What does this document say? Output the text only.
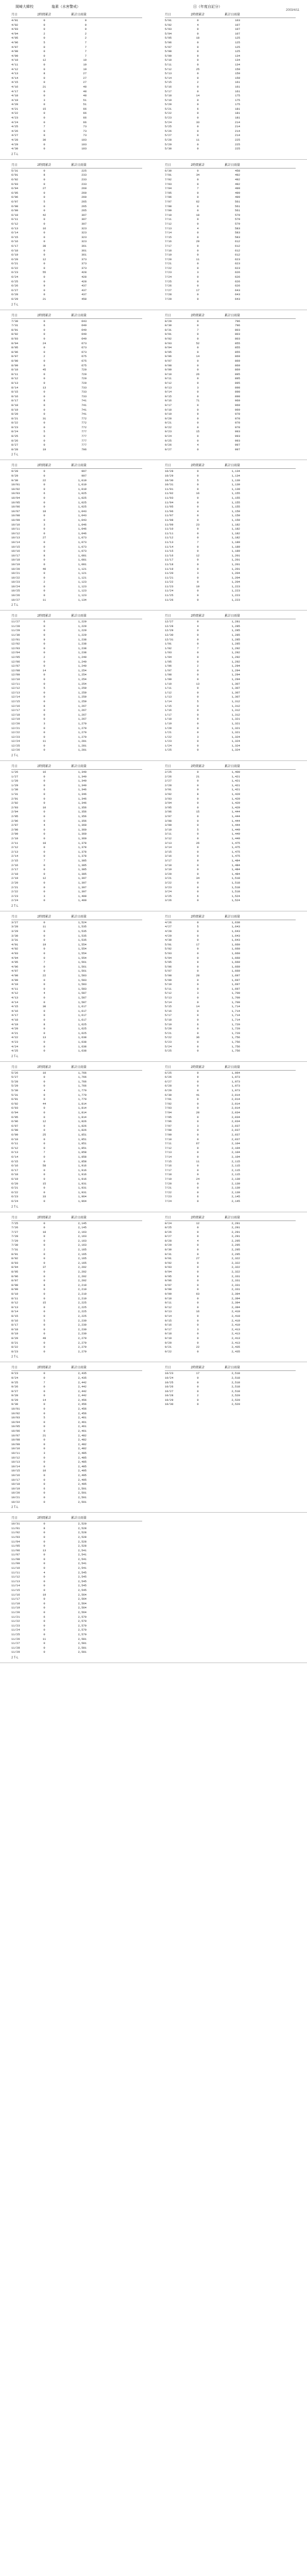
岡崎大韓校	塩素（水害警戒）	日（年度自記分）
2003/4/11
月日	2時間累計	累計日雨量
4/01	0	0
4/02	0	0
4/03	0	0
4/04	2	2
4/05	0	2
4/06	5	7
4/07	0	7
4/08	0	7
4/09	0	7
4/10	12	19
4/11	0	19
4/12	0	19
4/13	8	27
4/14	0	27
4/15	0	27
4/16	21	48
4/17	0	48
4/18	0	48
4/19	3	51
4/20	0	51
4/21	15	66
4/22	0	66
4/23	0	66
4/24	0	66
4/25	7	73
4/26	0	73
4/27	0	73
4/28	30	103
4/29	0	103
4/30	0	103
月日	2時間累計	累計日雨量
5/01	0	103
5/02	4	107
5/03	0	107
5/04	0	107
5/05	18	125
5/06	0	125
5/07	0	125
5/08	0	125
5/09	9	134
5/10	0	134
5/11	0	134
5/12	25	159
5/13	0	159
5/14	0	159
5/15	2	161
5/16	0	161
5/17	0	161
5/18	14	175
5/19	0	175
5/20	0	175
5/21	6	181
5/22	0	181
5/23	0	181
5/24	33	214
5/25	0	214
5/26	0	214
5/27	0	214
5/28	11	225
5/29	0	225
5/30	0	225
2 T-L
月日	2時間累計	累計日雨量
5/31	0	225
6/01	8	233
6/02	0	233
6/03	0	233
6/04	27	260
6/05	0	260
6/06	0	260
6/07	5	265
6/08	0	265
6/09	0	265
6/10	42	307
6/11	0	307
6/12	0	307
6/13	16	323
6/14	0	323
6/15	0	323
6/16	0	323
6/17	38	361
6/18	0	361
6/19	0	361
6/20	12	373
6/21	0	373
6/22	0	373
6/23	55	428
6/24	0	428
6/25	0	428
6/26	9	437
6/27	0	437
6/28	0	437
6/29	21	458
月日	2時間累計	累計日雨量
6/30	0	458
7/01	34	492
7/02	0	492
7/03	0	492
7/04	7	499
7/05	0	499
7/06	0	499
7/07	62	561
7/08	0	561
7/09	0	561
7/10	18	579
7/11	0	579
7/12	0	579
7/13	4	583
7/14	0	583
7/15	0	583
7/16	29	612
7/17	0	612
7/18	0	612
7/19	0	612
7/20	11	623
7/21	0	623
7/22	0	623
7/23	3	626
7/24	0	626
7/25	0	626
7/26	0	626
7/27	17	643
7/28	0	643
7/29	0	643
2 T-L
月日	2時間累計	累計日雨量
7/30	0	643
7/31	6	649
8/01	0	649
8/02	0	649
8/03	0	649
8/04	24	673
8/05	0	673
8/06	0	673
8/07	2	675
8/08	0	675
8/09	0	675
8/10	45	720
8/11	0	720
8/12	0	720
8/13	0	720
8/14	13	733
8/15	0	733
8/16	0	733
8/17	8	741
8/18	0	741
8/19	0	741
8/20	0	741
8/21	31	772
8/22	0	772
8/23	0	772
8/24	5	777
8/25	0	777
8/26	0	777
8/27	0	777
8/28	19	796
月日	2時間累計	累計日雨量
8/29	0	796
8/30	0	796
8/31	7	803
9/01	0	803
9/02	0	803
9/03	52	855
9/04	0	855
9/05	0	855
9/06	14	869
9/07	0	869
9/08	0	869
9/09	0	869
9/10	26	895
9/11	0	895
9/12	0	895
9/13	3	898
9/14	0	898
9/15	0	898
9/16	71	969
9/17	0	969
9/18	0	969
9/19	9	978
9/20	0	978
9/21	0	978
9/22	0	978
9/23	15	993
9/24	0	993
9/25	0	993
9/26	4	997
9/27	0	997
2 T-L
月日	2時間累計	累計日雨量
9/28	0	997
9/29	0	997
9/30	22	1,019
10/01	0	1,019
10/02	0	1,019
10/03	6	1,025
10/04	0	1,025
10/05	0	1,025
10/06	0	1,025
10/07	18	1,043
10/08	0	1,043
10/09	0	1,043
10/10	3	1,046
10/11	0	1,046
10/12	0	1,046
10/13	27	1,073
10/14	0	1,073
10/15	0	1,073
10/16	0	1,073
10/17	8	1,081
10/18	0	1,081
10/19	0	1,081
10/20	40	1,121
10/21	0	1,121
10/22	0	1,121
10/23	2	1,123
10/24	0	1,123
10/25	0	1,123
10/26	0	1,123
10/27	11	1,134
月日	2時間累計	累計日雨量
10/28	0	1,134
10/29	0	1,134
10/30	5	1,139
10/31	0	1,139
11/01	0	1,139
11/02	16	1,155
11/03	0	1,155
11/04	0	1,155
11/05	0	1,155
11/06	4	1,159
11/07	0	1,159
11/08	0	1,159
11/09	23	1,182
11/10	0	1,182
11/11	0	1,182
11/12	0	1,182
11/13	7	1,189
11/14	0	1,189
11/15	0	1,189
11/16	12	1,201
11/17	0	1,201
11/18	0	1,201
11/19	0	1,201
11/20	3	1,204
11/21	0	1,204
11/22	0	1,204
11/23	19	1,223
11/24	0	1,223
11/25	0	1,223
11/26	0	1,223
2 T-L
月日	2時間累計	累計日雨量
11/27	6	1,229
11/28	0	1,229
11/29	0	1,229
11/30	0	1,229
12/01	9	1,238
12/02	0	1,238
12/03	0	1,238
12/04	0	1,238
12/05	2	1,240
12/06	0	1,240
12/07	0	1,240
12/08	14	1,254
12/09	0	1,254
12/10	0	1,254
12/11	0	1,254
12/12	5	1,259
12/13	0	1,259
12/14	0	1,259
12/15	0	1,259
12/16	8	1,267
12/17	0	1,267
12/18	0	1,267
12/19	0	1,267
12/20	3	1,270
12/21	0	1,270
12/22	0	1,270
12/23	0	1,270
12/24	11	1,281
12/25	0	1,281
12/26	0	1,281
月日	2時間累計	累計日雨量
12/27	0	1,281
12/28	4	1,285
12/29	0	1,285
12/30	0	1,285
12/31	0	1,285
1/01	0	1,285
1/02	7	1,292
1/03	0	1,292
1/04	0	1,292
1/05	0	1,292
1/06	2	1,294
1/07	0	1,294
1/08	0	1,294
1/09	0	1,294
1/10	13	1,307
1/11	0	1,307
1/12	0	1,307
1/13	0	1,307
1/14	5	1,312
1/15	0	1,312
1/16	0	1,312
1/17	0	1,312
1/18	9	1,321
1/19	0	1,321
1/20	0	1,321
1/21	0	1,321
1/22	3	1,324
1/23	0	1,324
1/24	0	1,324
1/25	0	1,324
2 T-L
月日	2時間累計	累計日雨量
1/26	16	1,340
1/27	0	1,340
1/28	0	1,340
1/29	0	1,340
1/30	6	1,346
1/31	0	1,346
2/01	0	1,346
2/02	0	1,346
2/03	10	1,356
2/04	0	1,356
2/05	0	1,356
2/06	0	1,356
2/07	4	1,360
2/08	0	1,360
2/09	0	1,360
2/10	0	1,360
2/11	18	1,378
2/12	0	1,378
2/13	0	1,378
2/14	0	1,378
2/15	7	1,385
2/16	0	1,385
2/17	0	1,385
2/18	0	1,385
2/19	12	1,397
2/20	0	1,397
2/21	0	1,397
2/22	0	1,397
2/23	3	1,400
2/24	0	1,400
月日	2時間累計	累計日雨量
2/25	0	1,400
2/26	21	1,421
2/27	0	1,421
2/28	0	1,421
3/01	0	1,421
3/02	8	1,429
3/03	0	1,429
3/04	0	1,429
3/05	0	1,429
3/06	15	1,444
3/07	0	1,444
3/08	0	1,444
3/09	0	1,444
3/10	5	1,449
3/11	0	1,449
3/12	0	1,449
3/13	26	1,475
3/14	0	1,475
3/15	0	1,475
3/16	0	1,475
3/17	9	1,484
3/18	0	1,484
3/19	0	1,484
3/20	0	1,484
3/21	34	1,518
3/22	0	1,518
3/23	0	1,518
3/24	0	1,518
3/25	6	1,524
3/26	0	1,524
2 T-L
月日	2時間累計	累計日雨量
3/27	0	1,524
3/28	11	1,535
3/29	0	1,535
3/30	0	1,535
3/31	0	1,535
4/01	19	1,554
4/02	0	1,554
4/03	0	1,554
4/04	0	1,554
4/05	7	1,561
4/06	0	1,561
4/07	0	1,561
4/08	22	1,583
4/09	0	1,583
4/10	0	1,583
4/11	0	1,583
4/12	4	1,587
4/13	0	1,587
4/14	0	1,587
4/15	30	1,617
4/16	0	1,617
4/17	0	1,617
4/18	0	1,617
4/19	8	1,625
4/20	0	1,625
4/21	0	1,625
4/22	13	1,638
4/23	0	1,638
4/24	0	1,638
4/25	0	1,638
月日	2時間累計	累計日雨量
4/26	0	1,638
4/27	5	1,643
4/28	0	1,643
4/29	0	1,643
4/30	0	1,643
5/01	17	1,660
5/02	0	1,660
5/03	0	1,660
5/04	0	1,660
5/05	9	1,669
5/06	0	1,669
5/07	0	1,669
5/08	28	1,697
5/09	0	1,697
5/10	0	1,697
5/11	0	1,697
5/12	3	1,700
5/13	0	1,700
5/14	0	1,700
5/15	14	1,714
5/16	0	1,714
5/17	0	1,714
5/18	0	1,714
5/19	6	1,720
5/20	0	1,720
5/21	0	1,720
5/22	36	1,756
5/23	0	1,756
5/24	0	1,756
5/25	0	1,756
2 T-L
月日	2時間累計	累計日雨量
5/26	10	1,766
5/27	0	1,766
5/28	0	1,766
5/29	0	1,766
5/30	4	1,770
5/31	0	1,770
6/01	0	1,770
6/02	44	1,814
6/03	0	1,814
6/04	0	1,814
6/05	0	1,814
6/06	12	1,826
6/07	0	1,826
6/08	0	1,826
6/09	25	1,851
6/10	0	1,851
6/11	0	1,851
6/12	0	1,851
6/13	7	1,858
6/14	0	1,858
6/15	0	1,858
6/16	58	1,916
6/17	0	1,916
6/18	0	1,916
6/19	0	1,916
6/20	15	1,931
6/21	0	1,931
6/22	0	1,931
6/23	33	1,964
6/24	0	1,964
月日	2時間累計	累計日雨量
6/25	0	1,964
6/26	9	1,973
6/27	0	1,973
6/28	0	1,973
6/29	0	1,973
6/30	41	2,014
7/01	0	2,014
7/02	0	2,014
7/03	0	2,014
7/04	20	2,034
7/05	0	2,034
7/06	0	2,034
7/07	3	2,037
7/08	0	2,037
7/09	0	2,037
7/10	0	2,037
7/11	67	2,104
7/12	0	2,104
7/13	0	2,104
7/14	0	2,104
7/15	11	2,115
7/16	0	2,115
7/17	0	2,115
7/18	0	2,115
7/19	24	2,139
7/20	0	2,139
7/21	0	2,139
7/22	0	2,139
7/23	6	2,145
7/24	0	2,145
2 T-L
月日	2時間累計	累計日雨量
7/25	0	2,145
7/26	0	2,145
7/27	18	2,163
7/28	0	2,163
7/29	0	2,163
7/30	0	2,163
7/31	2	2,165
8/01	0	2,165
8/02	0	2,165
8/03	0	2,165
8/04	37	2,202
8/05	0	2,202
8/06	0	2,202
8/07	0	2,202
8/08	8	2,210
8/09	0	2,210
8/10	0	2,210
8/11	0	2,210
8/12	15	2,225
8/13	0	2,225
8/14	0	2,225
8/15	0	2,225
8/16	5	2,230
8/17	0	2,230
8/18	0	2,230
8/19	0	2,230
8/20	49	2,279
8/21	0	2,279
8/22	0	2,279
8/23	0	2,279
月日	2時間累計	累計日雨量
8/24	12	2,291
8/25	0	2,291
8/26	0	2,291
8/27	0	2,291
8/28	4	2,295
8/29	0	2,295
8/30	0	2,295
8/31	0	2,295
9/01	27	2,322
9/02	0	2,322
9/03	0	2,322
9/04	0	2,322
9/05	9	2,331
9/06	0	2,331
9/07	0	2,331
9/08	0	2,331
9/09	63	2,394
9/10	0	2,394
9/11	0	2,394
9/12	0	2,394
9/13	16	2,410
9/14	0	2,410
9/15	0	2,410
9/16	0	2,410
9/17	3	2,413
9/18	0	2,413
9/19	0	2,413
9/20	0	2,413
9/21	22	2,435
9/22	0	2,435
2 T-L
月日	2時間累計	累計日雨量
9/23	0	2,435
9/24	0	2,435
9/25	7	2,442
9/26	0	2,442
9/27	0	2,442
9/28	0	2,442
9/29	14	2,456
9/30	0	2,456
10/01	0	2,456
10/02	0	2,456
10/03	5	2,461
10/04	0	2,461
10/05	0	2,461
10/06	0	2,461
10/07	21	2,482
10/08	0	2,482
10/09	0	2,482
10/10	0	2,482
10/11	3	2,485
10/12	0	2,485
10/13	0	2,485
10/14	0	2,485
10/15	10	2,495
10/16	0	2,495
10/17	0	2,495
10/18	0	2,495
10/19	6	2,501
10/20	0	2,501
10/21	0	2,501
10/22	0	2,501
月日	2時間累計	累計日雨量
10/23	17	2,518
10/24	0	2,518
10/25	0	2,518
10/26	0	2,518
10/27	0	2,518
10/28	2	2,520
10/29	0	2,520
10/30	0	2,520
2 T-L
月日	2時間累計	累計日雨量
10/31	0	2,520
11/01	8	2,528
11/02	0	2,528
11/03	0	2,528
11/04	0	2,528
11/05	0	2,528
11/06	13	2,541
11/07	0	2,541
11/08	0	2,541
11/09	0	2,541
11/10	0	2,541
11/11	4	2,545
11/12	0	2,545
11/13	0	2,545
11/14	0	2,545
11/15	0	2,545
11/16	19	2,564
11/17	0	2,564
11/18	0	2,564
11/19	0	2,564
11/20	0	2,564
11/21	6	2,570
11/22	0	2,570
11/23	0	2,570
11/24	0	2,570
11/25	0	2,570
11/26	11	2,581
11/27	0	2,581
11/28	0	2,581
11/29	0	2,581
2 T-L
